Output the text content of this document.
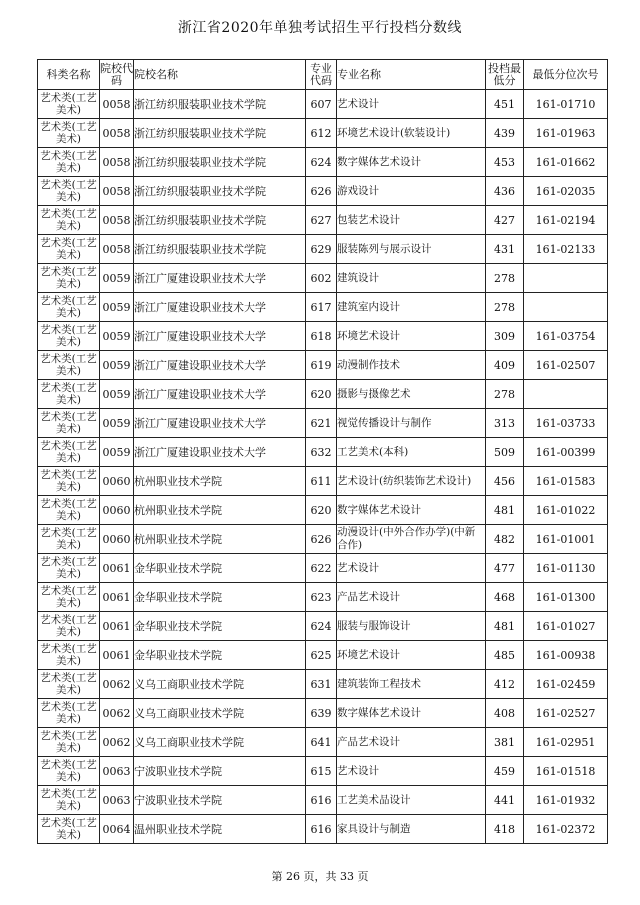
浙江省2020年单独考试招生平行投档分数线
科类名称	院校代码	院校名称	专业代码	专业名称	投档最低分	最低分位次号
艺术类(工艺美术)	0058	浙江纺织服装职业技术学院	607	艺术设计	451	161-01710
艺术类(工艺美术)	0058	浙江纺织服装职业技术学院	612	环境艺术设计(软装设计)	439	161-01963
艺术类(工艺美术)	0058	浙江纺织服装职业技术学院	624	数字媒体艺术设计	453	161-01662
艺术类(工艺美术)	0058	浙江纺织服装职业技术学院	626	游戏设计	436	161-02035
艺术类(工艺美术)	0058	浙江纺织服装职业技术学院	627	包装艺术设计	427	161-02194
艺术类(工艺美术)	0058	浙江纺织服装职业技术学院	629	服装陈列与展示设计	431	161-02133
艺术类(工艺美术)	0059	浙江广厦建设职业技术大学	602	建筑设计	278	
艺术类(工艺美术)	0059	浙江广厦建设职业技术大学	617	建筑室内设计	278	
艺术类(工艺美术)	0059	浙江广厦建设职业技术大学	618	环境艺术设计	309	161-03754
艺术类(工艺美术)	0059	浙江广厦建设职业技术大学	619	动漫制作技术	409	161-02507
艺术类(工艺美术)	0059	浙江广厦建设职业技术大学	620	摄影与摄像艺术	278	
艺术类(工艺美术)	0059	浙江广厦建设职业技术大学	621	视觉传播设计与制作	313	161-03733
艺术类(工艺美术)	0059	浙江广厦建设职业技术大学	632	工艺美术(本科)	509	161-00399
艺术类(工艺美术)	0060	杭州职业技术学院	611	艺术设计(纺织装饰艺术设计)	456	161-01583
艺术类(工艺美术)	0060	杭州职业技术学院	620	数字媒体艺术设计	481	161-01022
艺术类(工艺美术)	0060	杭州职业技术学院	626	动漫设计(中外合作办学)(中新合作)	482	161-01001
艺术类(工艺美术)	0061	金华职业技术学院	622	艺术设计	477	161-01130
艺术类(工艺美术)	0061	金华职业技术学院	623	产品艺术设计	468	161-01300
艺术类(工艺美术)	0061	金华职业技术学院	624	服装与服饰设计	481	161-01027
艺术类(工艺美术)	0061	金华职业技术学院	625	环境艺术设计	485	161-00938
艺术类(工艺美术)	0062	义乌工商职业技术学院	631	建筑装饰工程技术	412	161-02459
艺术类(工艺美术)	0062	义乌工商职业技术学院	639	数字媒体艺术设计	408	161-02527
艺术类(工艺美术)	0062	义乌工商职业技术学院	641	产品艺术设计	381	161-02951
艺术类(工艺美术)	0063	宁波职业技术学院	615	艺术设计	459	161-01518
艺术类(工艺美术)	0063	宁波职业技术学院	616	工艺美术品设计	441	161-01932
艺术类(工艺美术)	0064	温州职业技术学院	616	家具设计与制造	418	161-02372
第 26 页，共 33 页
